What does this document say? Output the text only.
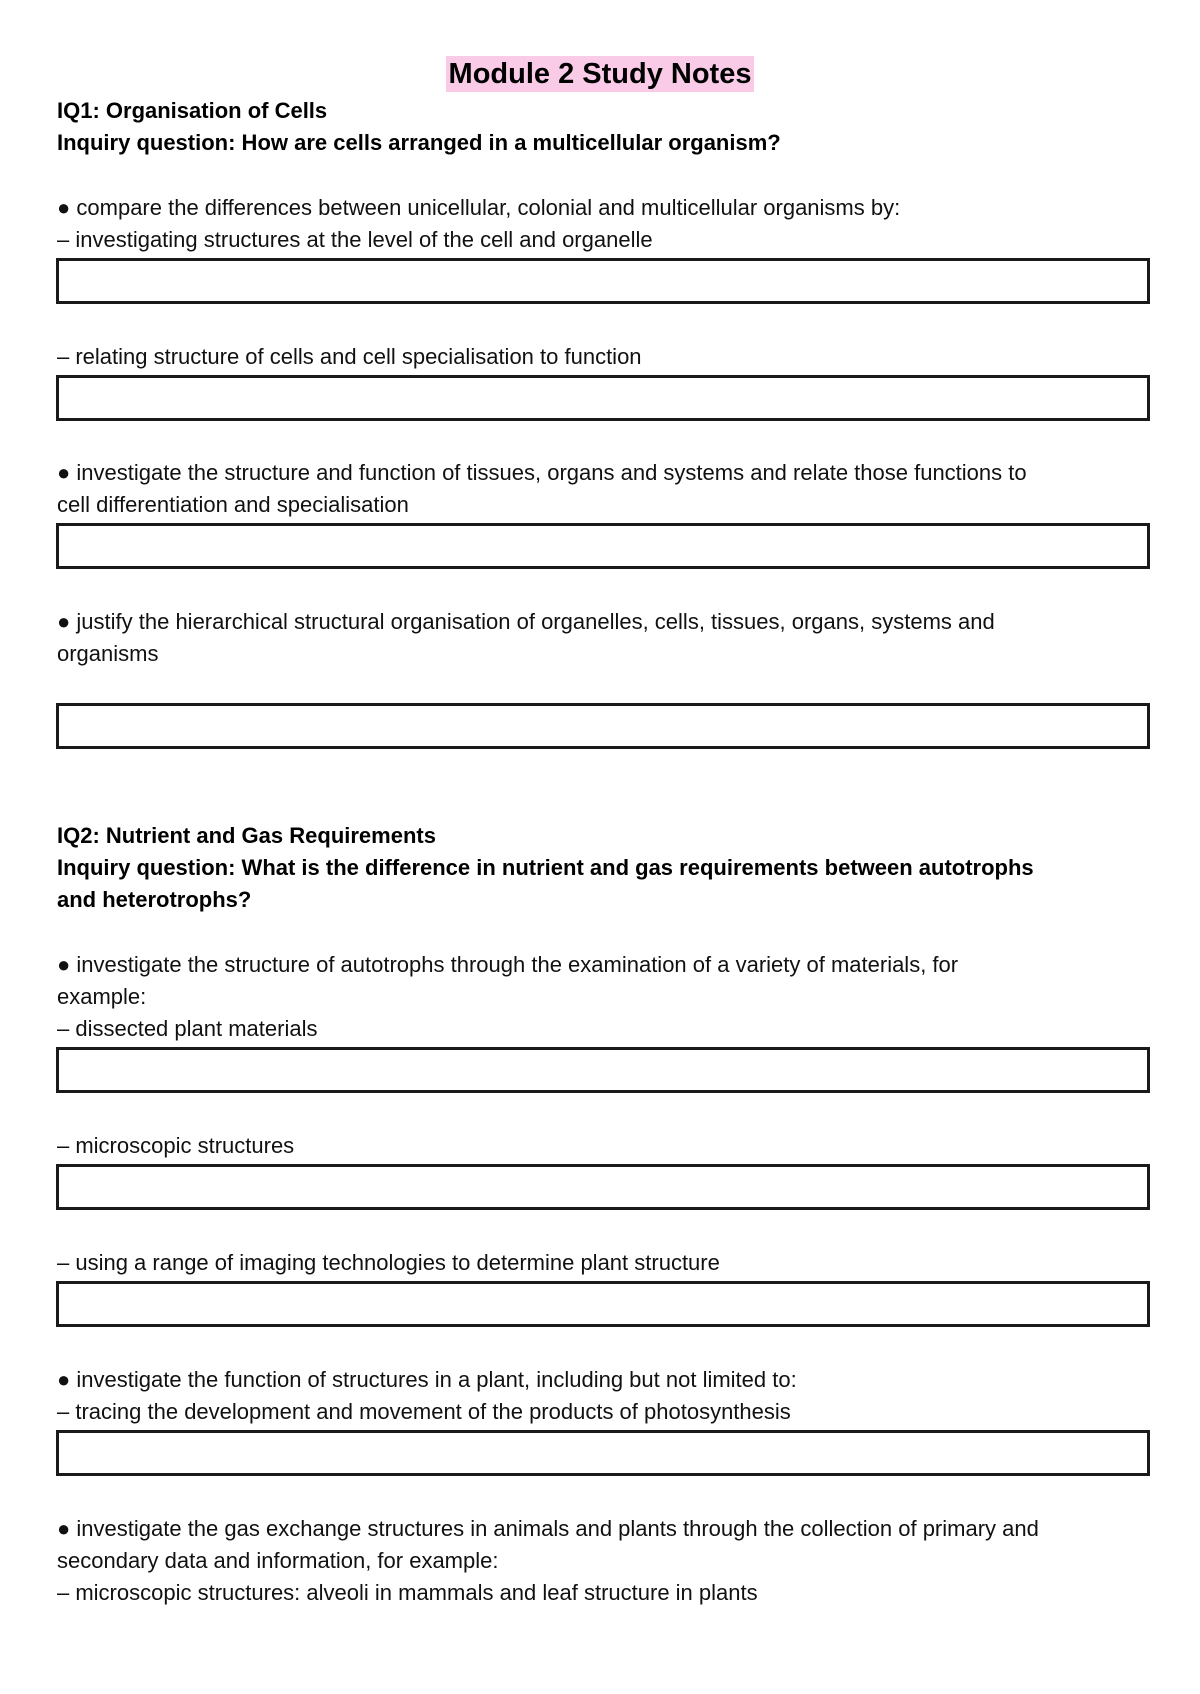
Module 2 Study Notes
IQ1: Organisation of Cells
Inquiry question: How are cells arranged in a multicellular organism?
● compare the differences between unicellular, colonial and multicellular organisms by:
– investigating structures at the level of the cell and organelle
– relating structure of cells and cell specialisation to function
● investigate the structure and function of tissues, organs and systems and relate those functions to
cell differentiation and specialisation
● justify the hierarchical structural organisation of organelles, cells, tissues, organs, systems and
organisms
IQ2: Nutrient and Gas Requirements
Inquiry question: What is the difference in nutrient and gas requirements between autotrophs
and heterotrophs?
● investigate the structure of autotrophs through the examination of a variety of materials, for
example:
– dissected plant materials
– microscopic structures
– using a range of imaging technologies to determine plant structure
● investigate the function of structures in a plant, including but not limited to:
– tracing the development and movement of the products of photosynthesis
● investigate the gas exchange structures in animals and plants through the collection of primary and
secondary data and information, for example:
– microscopic structures: alveoli in mammals and leaf structure in plants
